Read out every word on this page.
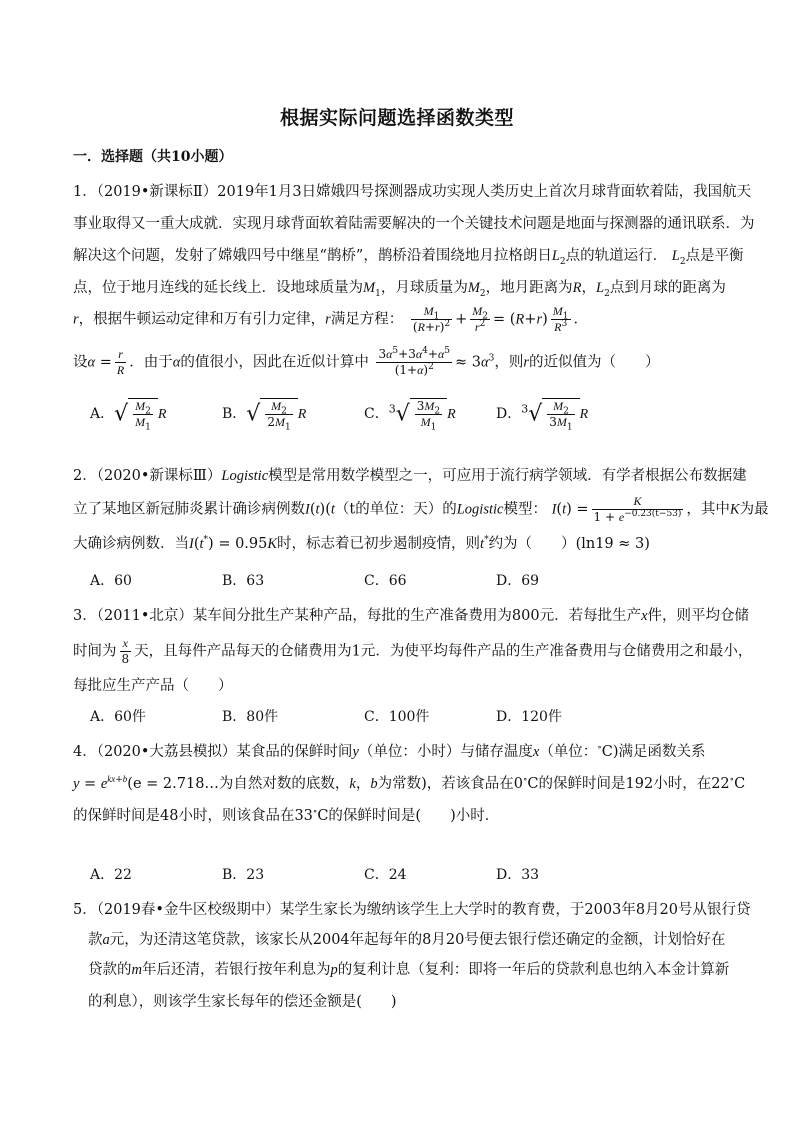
根据实际问题选择函数类型
一．选择题（共10小题）
1．（2019•新课标Ⅱ）2019年1月3日嫦娥四号探测器成功实现人类历史上首次月球背面软着陆，我国航天
事业取得又一重大成就．实现月球背面软着陆需要解决的一个关键技术问题是地面与探测器的通讯联系．为
解决这个问题，发射了嫦娥四号中继星“鹊桥”，鹊桥沿着围绕地月拉格朗日$L_2$点的轨道运行． $L_2$点是平衡
点，位于地月连线的延长线上．设地球质量为$M_1$，月球质量为$M_2$，地月距离为R，$L_2$点到月球的距离为
r，根据牛顿运动定律和万有引力定律，r满足方程： $\frac{M_1}{(R+r)^2} + \frac{M_2}{r^2} = (R+r) \frac{M_1}{R^3}$ ．
设$\alpha = \frac{r}{R}$ ．由于α的值很小，因此在近似计算中 $\frac{3\alpha^5+3\alpha^4+\alpha^5}{(1+\alpha)^2} \approx 3\alpha^3$，则r的近似值为（　　）
A．√ $\frac{M_2}{M_1}$ R	B．√ $\frac{M_2}{2M_1}$ R	C．$^3√ \frac{3M_2}{M_1}$ R	D．$^3√ \frac{M_2}{3M_1}$ R
2．（2020•新课标Ⅲ）Logistic模型是常用数学模型之一，可应用于流行病学领域．有学者根据公布数据建
立了某地区新冠肺炎累计确诊病例数I(t)(t（t的单位：天）的Logistic模型： $I(t) = \frac{K}{1 + e^{-0.23(t-53)}}$ ，其中K为最
大确诊病例数．当I(t*) = 0.95K时，标志着已初步遏制疫情，则t*约为（　　）(ln19 ≈ 3)
A．60	B．63	C．66	D．69
3．（2011•北京）某车间分批生产某种产品，每批的生产准备费用为800元．若每批生产x件，则平均仓储
时间为 $\frac{x}{8}$ 天，且每件产品每天的仓储费用为1元．为使平均每件产品的生产准备费用与仓储费用之和最小，
每批应生产产品（　　）
A．60件	B．80件	C．100件	D．120件
4．（2020•大荔县模拟）某食品的保鲜时间y（单位：小时）与储存温度x（单位：∘C)满足函数关系
$y = e^{kx+b}(e$ = 2.718…为自然对数的底数，k，b为常数)，若该食品在0∘C的保鲜时间是192小时，在22∘C
的保鲜时间是48小时，则该食品在33∘C的保鲜时间是(　　)小时．
A．22	B．23	C．24	D．33
5．（2019春•金牛区校级期中）某学生家长为缴纳该学生上大学时的教育费，于2003年8月20号从银行贷
款a元，为还清这笔贷款，该家长从2004年起每年的8月20号便去银行偿还确定的金额，计划恰好在
贷款的m年后还清，若银行按年利息为p的复利计息（复利：即将一年后的贷款利息也纳入本金计算新
的利息），则该学生家长每年的偿还金额是(　　)
